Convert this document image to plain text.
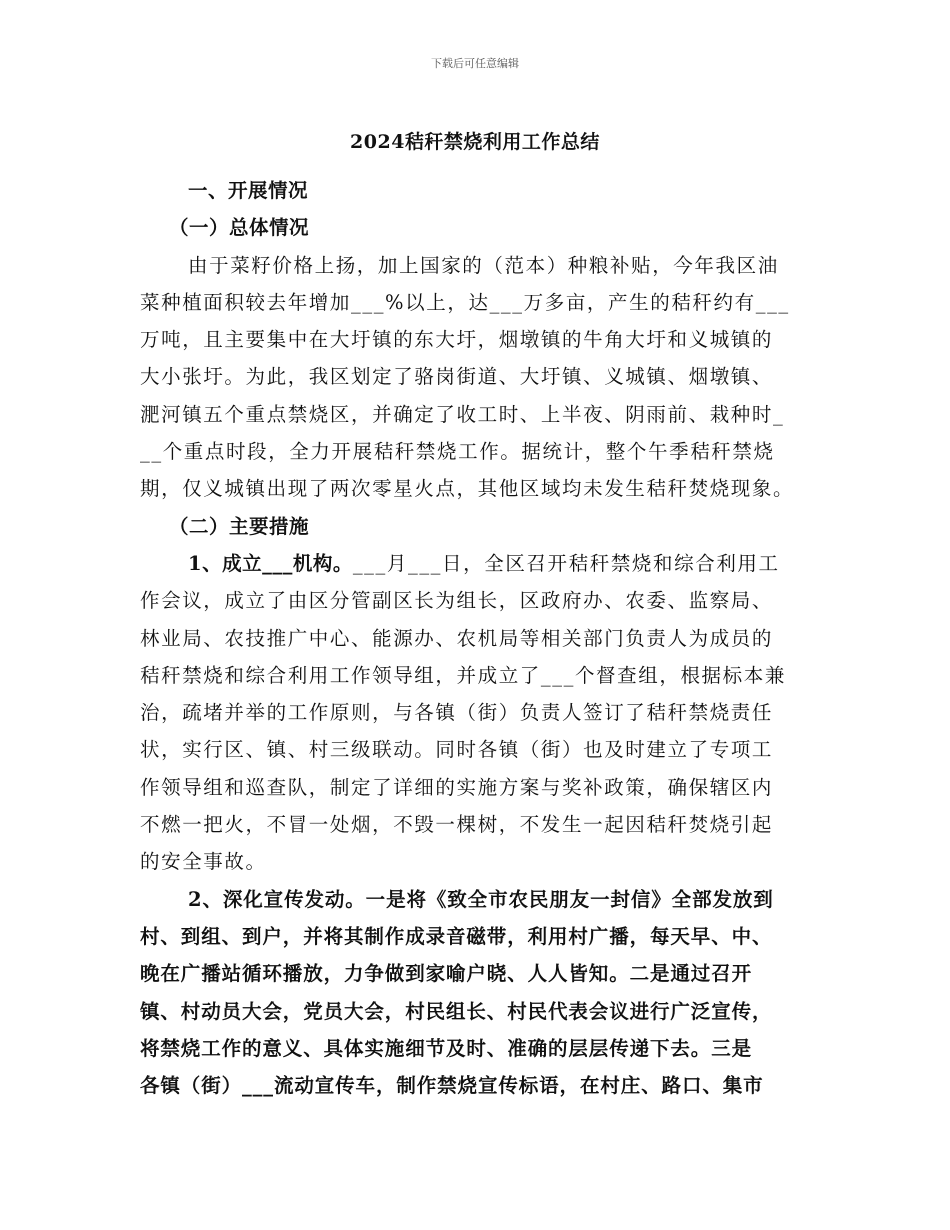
下载后可任意编辑
2024秸秆禁烧利用工作总结
一、开展情况
（一）总体情况
由于菜籽价格上扬，加上国家的（范本）种粮补贴，今年我区油
菜种植面积较去年增加___%以上，达___万多亩，产生的秸秆约有___
万吨，且主要集中在大圩镇的东大圩，烟墩镇的牛角大圩和义城镇的
大小张圩。为此，我区划定了骆岗街道、大圩镇、义城镇、烟墩镇、
淝河镇五个重点禁烧区，并确定了收工时、上半夜、阴雨前、栽种时_
__个重点时段，全力开展秸秆禁烧工作。据统计，整个午季秸秆禁烧
期，仅义城镇出现了两次零星火点，其他区域均未发生秸秆焚烧现象。
（二）主要措施
1、成立___机构。___月___日，全区召开秸秆禁烧和综合利用工
作会议，成立了由区分管副区长为组长，区政府办、农委、监察局、
林业局、农技推广中心、能源办、农机局等相关部门负责人为成员的
秸秆禁烧和综合利用工作领导组，并成立了___个督查组，根据标本兼
治，疏堵并举的工作原则，与各镇（街）负责人签订了秸秆禁烧责任
状，实行区、镇、村三级联动。同时各镇（街）也及时建立了专项工
作领导组和巡查队，制定了详细的实施方案与奖补政策，确保辖区内
不燃一把火，不冒一处烟，不毁一棵树，不发生一起因秸秆焚烧引起
的安全事故。
2、深化宣传发动。一是将《致全市农民朋友一封信》全部发放到
村、到组、到户，并将其制作成录音磁带，利用村广播，每天早、中、
晚在广播站循环播放，力争做到家喻户晓、人人皆知。二是通过召开
镇、村动员大会，党员大会，村民组长、村民代表会议进行广泛宣传，
将禁烧工作的意义、具体实施细节及时、准确的层层传递下去。三是
各镇（街）___流动宣传车，制作禁烧宣传标语，在村庄、路口、集市
